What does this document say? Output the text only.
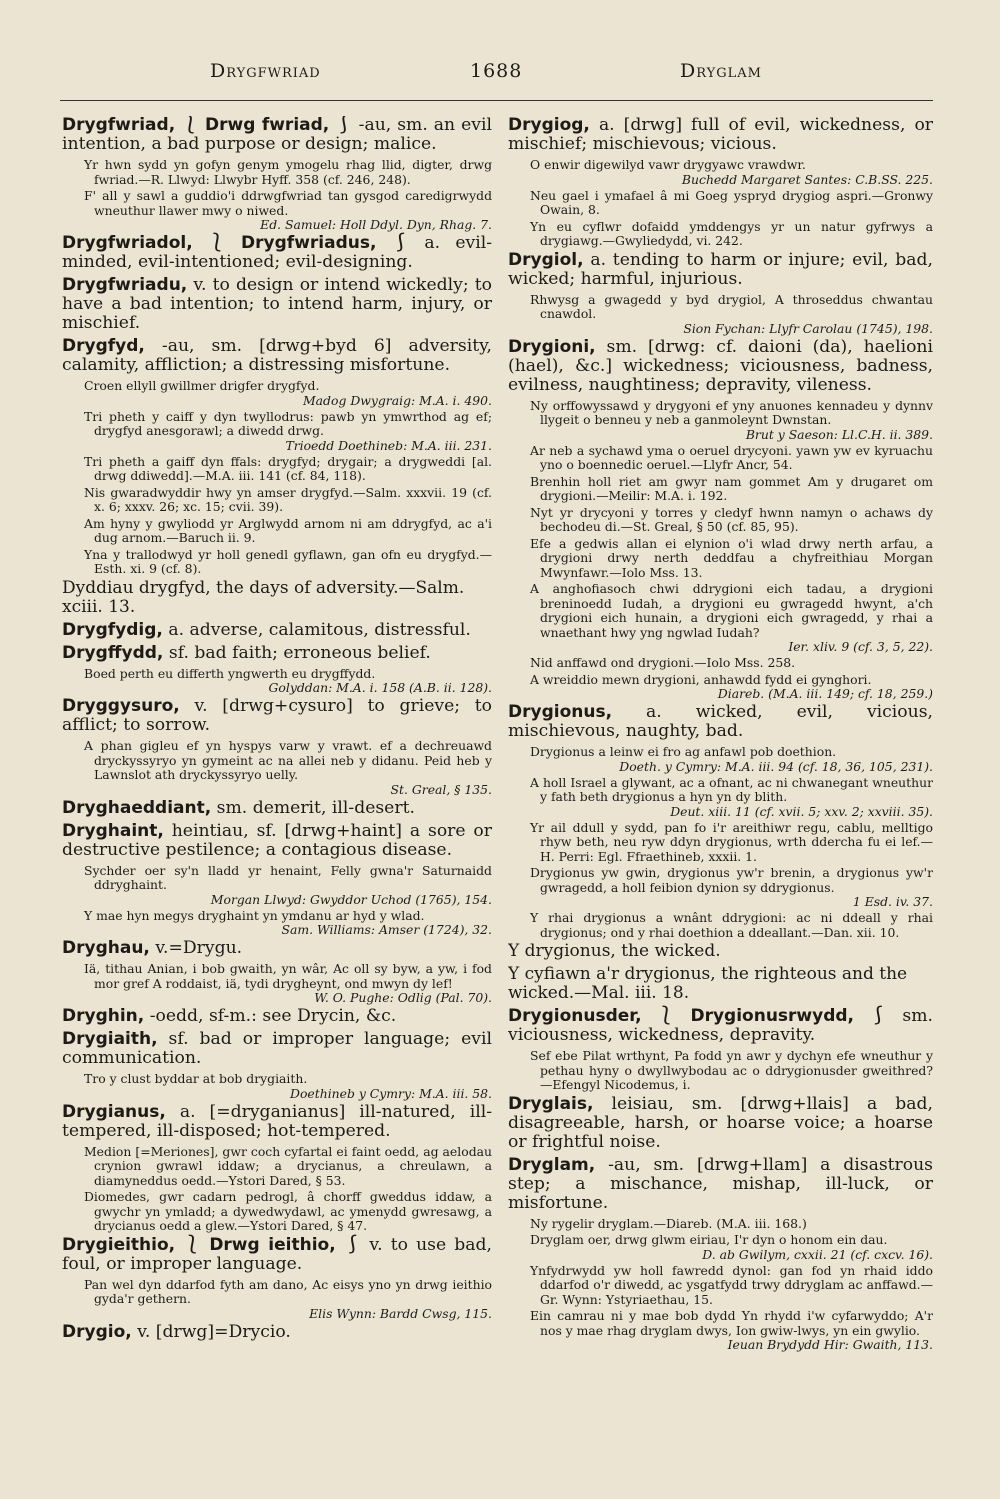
Drygfwriad	1688	Dryglam
Drygfwriad, ⎱ Drwg fwriad, ⎰ -au, sm. an evil intention, a bad purpose or design; malice.
Yr hwn sydd yn gofyn genym ymogelu rhag llid, digter, drwg fwriad.—R. Llwyd: Llwybr Hyff. 358 (cf. 246, 248).
F' all y sawl a guddio'i ddrwgfwriad tan gysgod caredigrwydd wneuthur llawer mwy o niwed.
Ed. Samuel: Holl Ddyl. Dyn, Rhag. 7.
Drygfwriadol, ⎱ Drygfwriadus, ⎰ a. evil-minded, evil-intentioned; evil-designing.
Drygfwriadu, v. to design or intend wickedly; to have a bad intention; to intend harm, injury, or mischief.
Drygfyd, -au, sm. [drwg+byd 6] adversity, calamity, affliction; a distressing misfortune.
Croen ellyll gwillmer drigfer drygfyd.
Madog Dwygraig: M.A. i. 490.
Tri pheth y caiff y dyn twyllodrus: pawb yn ymwrthod ag ef; drygfyd anesgorawl; a diwedd drwg.
Trioedd Doethineb: M.A. iii. 231.
Tri pheth a gaiff dyn ffals: drygfyd; drygair; a drygweddi [al. drwg ddiwedd].—M.A. iii. 141 (cf. 84, 118).
Nis gwaradwyddir hwy yn amser drygfyd.—Salm. xxxvii. 19 (cf. x. 6; xxxv. 26; xc. 15; cvii. 39).
Am hyny y gwyliodd yr Arglwydd arnom ni am ddrygfyd, ac a'i dug arnom.—Baruch ii. 9.
Yna y trallodwyd yr holl genedl gyflawn, gan ofn eu drygfyd.—Esth. xi. 9 (cf. 8).
Dyddiau drygfyd, the days of adversity.—Salm. xciii. 13.
Drygfydig, a. adverse, calamitous, distressful.
Drygffydd, sf. bad faith; erroneous belief.
Boed perth eu differth yngwerth eu drygffydd.
Golyddan: M.A. i. 158 (A.B. ii. 128).
Dryggysuro, v. [drwg+cysuro] to grieve; to afflict; to sorrow.
A phan gigleu ef yn hyspys varw y vrawt. ef a dechreuawd dryckyssyryo yn gymeint ac na allei neb y didanu. Peid heb y Lawnslot ath dryckyssyryo uelly.
St. Greal, § 135.
Dryghaeddiant, sm. demerit, ill-desert.
Dryghaint, heintiau, sf. [drwg+haint] a sore or destructive pestilence; a contagious disease.
Sychder oer sy'n lladd yr henaint, Felly gwna'r Saturnaidd ddryghaint.
Morgan Llwyd: Gwyddor Uchod (1765), 154.
Y mae hyn megys dryghaint yn ymdanu ar hyd y wlad.
Sam. Williams: Amser (1724), 32.
Dryghau, v.=Drygu.
Iä, tithau Anian, i bob gwaith, yn wâr, Ac oll sy byw, a yw, i fod mor gref A roddaist, iä, tydi drygheynt, ond mwyn dy lef!
W. O. Pughe: Odlig (Pal. 70).
Dryghin, -oedd, sf-m.: see Drycin, &c.
Drygiaith, sf. bad or improper language; evil communication.
Tro y clust byddar at bob drygiaith.
Doethineb y Cymry: M.A. iii. 58.
Drygianus, a. [=dryganianus] ill-natured, ill-tempered, ill-disposed; hot-tempered.
Medion [=Meriones], gwr coch cyfartal ei faint oedd, ag aelodau crynion gwrawl iddaw; a drycianus, a chreulawn, a diamyneddus oedd.—Ystori Dared, § 53.
Diomedes, gwr cadarn pedrogl, â chorff gweddus iddaw, a gwychr yn ymladd; a dywedwydawl, ac ymenydd gwresawg, a drycianus oedd a glew.—Ystori Dared, § 47.
Drygieithio, ⎱ Drwg ieithio, ⎰ v. to use bad, foul, or improper language.
Pan wel dyn ddarfod fyth am dano, Ac eisys yno yn drwg ieithio gyda'r gethern.
Elis Wynn: Bardd Cwsg, 115.
Drygio, v. [drwg]=Drycio.
Drygiog, a. [drwg] full of evil, wickedness, or mischief; mischievous; vicious.
O enwir digewilyd vawr drygyawc vrawdwr.
Buchedd Margaret Santes: C.B.SS. 225.
Neu gael i ymafael â mi Goeg yspryd drygiog aspri.—Gronwy Owain, 8.
Yn eu cyflwr dofaidd ymddengys yr un natur gyfrwys a drygiawg.—Gwyliedydd, vi. 242.
Drygiol, a. tending to harm or injure; evil, bad, wicked; harmful, injurious.
Rhwysg a gwagedd y byd drygiol, A throseddus chwantau cnawdol.
Sion Fychan: Llyfr Carolau (1745), 198.
Drygioni, sm. [drwg: cf. daioni (da), haelioni (hael), &c.] wickedness; viciousness, badness, evilness, naughtiness; depravity, vileness.
Ny orffowyssawd y drygyoni ef yny anuones kennadeu y dynnv llygeit o benneu y neb a ganmoleynt Dwnstan.
Brut y Saeson: Ll.C.H. ii. 389.
Ar neb a sychawd yma o oeruel drycyoni. yawn yw ev kyruachu yno o boennedic oeruel.—Llyfr Ancr, 54.
Brenhin holl riet am gwyr nam gommet Am y drugaret om drygioni.—Meilir: M.A. i. 192.
Nyt yr drycyoni y torres y cledyf hwnn namyn o achaws dy bechodeu di.—St. Greal, § 50 (cf. 85, 95).
Efe a gedwis allan ei elynion o'i wlad drwy nerth arfau, a drygioni drwy nerth deddfau a chyfreithiau Morgan Mwynfawr.—Iolo Mss. 13.
A anghofiasoch chwi ddrygioni eich tadau, a drygioni breninoedd Iudah, a drygioni eu gwragedd hwynt, a'ch drygioni eich hunain, a drygioni eich gwragedd, y rhai a wnaethant hwy yng ngwlad Iudah?
Ier. xliv. 9 (cf. 3, 5, 22).
Nid anffawd ond drygioni.—Iolo Mss. 258.
A wreiddio mewn drygioni, anhawdd fydd ei gynghori.
Diareb. (M.A. iii. 149; cf. 18, 259.)
Drygionus, a. wicked, evil, vicious, mischievous, naughty, bad.
Drygionus a leinw ei fro ag anfawl pob doethion.
Doeth. y Cymry: M.A. iii. 94 (cf. 18, 36, 105, 231).
A holl Israel a glywant, ac a ofnant, ac ni chwanegant wneuthur y fath beth drygionus a hyn yn dy blith.
Deut. xiii. 11 (cf. xvii. 5; xxv. 2; xxviii. 35).
Yr ail ddull y sydd, pan fo i'r areithiwr regu, cablu, melltigo rhyw beth, neu ryw ddyn drygionus, wrth ddercha fu ei lef.—H. Perri: Egl. Ffraethineb, xxxii. 1.
Drygionus yw gwin, drygionus yw'r brenin, a drygionus yw'r gwragedd, a holl feibion dynion sy ddrygionus.
1 Esd. iv. 37.
Y rhai drygionus a wnânt ddrygioni: ac ni ddeall y rhai drygionus; ond y rhai doethion a ddeallant.—Dan. xii. 10.
Y drygionus, the wicked.
Y cyfiawn a'r drygionus, the righteous and the wicked.—Mal. iii. 18.
Drygionusder, ⎱ Drygionusrwydd, ⎰ sm. viciousness, wickedness, depravity.
Sef ebe Pilat wrthynt, Pa fodd yn awr y dychyn efe wneuthur y pethau hyny o dwyllwybodau ac o ddrygionusder gweithred?—Efengyl Nicodemus, i.
Dryglais, leisiau, sm. [drwg+llais] a bad, disagreeable, harsh, or hoarse voice; a hoarse or frightful noise.
Dryglam, -au, sm. [drwg+llam] a disastrous step; a mischance, mishap, ill-luck, or misfortune.
Ny rygelir dryglam.—Diareb. (M.A. iii. 168.)
Dryglam oer, drwg glwm eiriau, I'r dyn o honom ein dau.
D. ab Gwilym, cxxii. 21 (cf. cxcv. 16).
Ynfydrwydd yw holl fawredd dynol: gan fod yn rhaid iddo ddarfod o'r diwedd, ac ysgatfydd trwy ddryglam ac anffawd.—Gr. Wynn: Ystyriaethau, 15.
Ein camrau ni y mae bob dydd Yn rhydd i'w cyfarwyddo; A'r nos y mae rhag dryglam dwys, Ion gwiw-lwys, yn ein gwylio.
Ieuan Brydydd Hir: Gwaith, 113.
